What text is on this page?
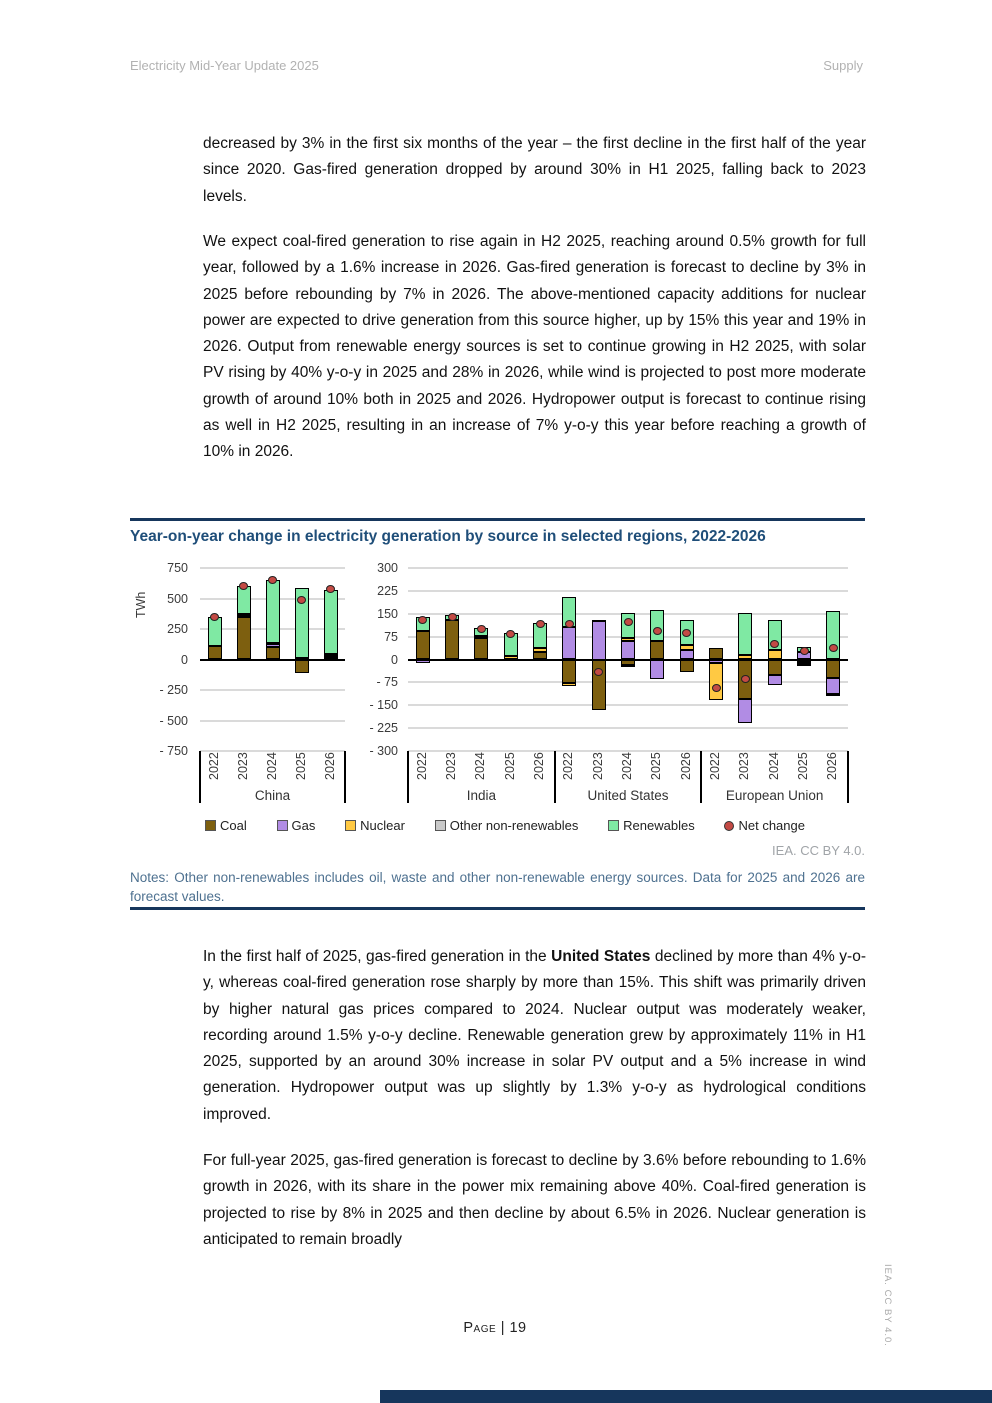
Electricity Mid-Year Update 2025	Supply
decreased by 3% in the first six months of the year – the first decline in the first half of the year since 2020. Gas-fired generation dropped by around 30% in H1 2025, falling back to 2023 levels.
We expect coal-fired generation to rise again in H2 2025, reaching around 0.5% growth for full year, followed by a 1.6% increase in 2026. Gas-fired generation is forecast to decline by 3% in 2025 before rebounding by 7% in 2026. The above-mentioned capacity additions for nuclear power are expected to drive generation from this source higher, up by 15% this year and 19% in 2026. Output from renewable energy sources is set to continue growing in H2 2025, with solar PV rising by 40% y-o-y in 2025 and 28% in 2026, while wind is projected to post more moderate growth of around 10% both in 2025 and 2026. Hydropower output is forecast to continue rising as well in H2 2025, resulting in an increase of 7% y-o-y this year before reaching a growth of 10% in 2026.
Year-on-year change in electricity generation by source in selected regions, 2022-2026
TWh
750
500
250
0
- 250
- 500
- 750
2022 2023 2024 2025 2026
China
300
225
150
75
0
- 75
- 150
- 225
- 300
2022 2023 2024 2025 2026
India
2022 2023 2024 2025 2026
United States
2022 2023 2024 2025 2026
European Union
Coal	Gas	Nuclear	Other non-renewables	Renewables	Net change
IEA. CC BY 4.0.
Notes: Other non-renewables includes oil, waste and other non-renewable energy sources. Data for 2025 and 2026 are forecast values.
In the first half of 2025, gas-fired generation in the United States declined by more than 4% y-o-y, whereas coal-fired generation rose sharply by more than 15%. This shift was primarily driven by higher natural gas prices compared to 2024. Nuclear output was moderately weaker, recording around 1.5% y-o-y decline. Renewable generation grew by approximately 11% in H1 2025, supported by an around 30% increase in solar PV output and a 5% increase in wind generation. Hydropower output was up slightly by 1.3% y-o-y as hydrological conditions improved.
For full-year 2025, gas-fired generation is forecast to decline by 3.6% before rebounding to 1.6% growth in 2026, with its share in the power mix remaining above 40%. Coal-fired generation is projected to rise by 8% in 2025 and then decline by about 6.5% in 2026. Nuclear generation is anticipated to remain broadly
Page | 19	IEA. CC BY 4.0.
